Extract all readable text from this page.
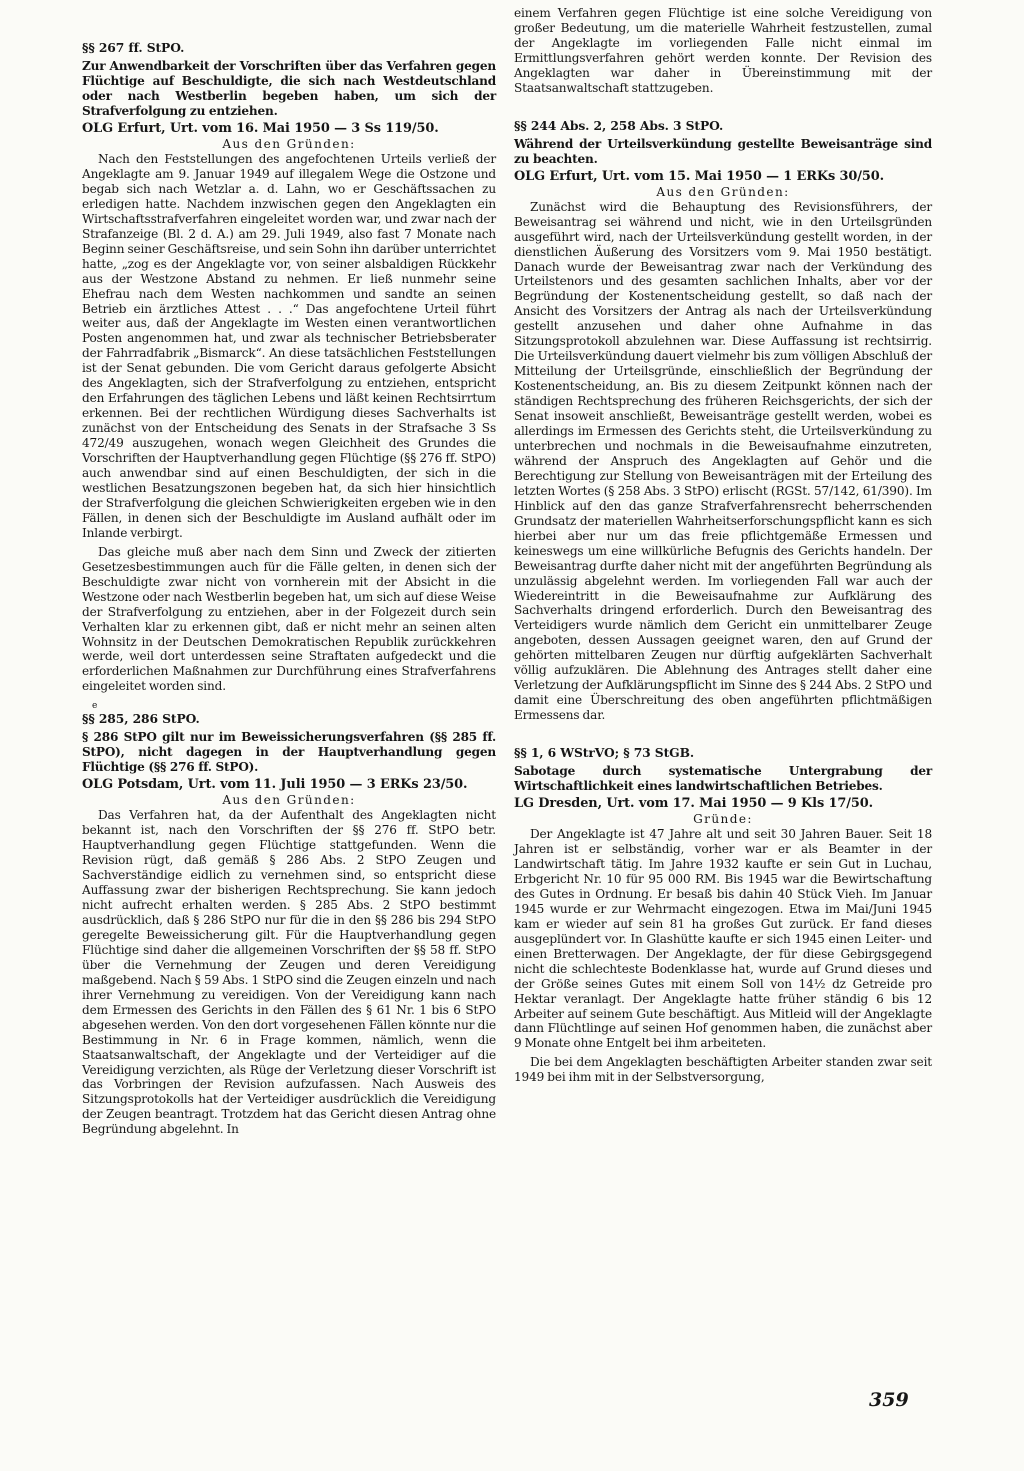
§§ 267 ff. StPO.
Zur Anwendbarkeit der Vorschriften über das Verfahren gegen Flüchtige auf Beschuldigte, die sich nach Westdeutschland oder nach Westberlin begeben haben, um sich der Strafverfolgung zu entziehen.
OLG Erfurt, Urt. vom 16. Mai 1950 — 3 Ss 119/50.
Aus den Gründen:

Nach den Feststellungen des angefochtenen Urteils verließ der Angeklagte am 9. Januar 1949 auf illegalem Wege die Ostzone und begab sich nach Wetzlar a. d. Lahn, wo er Geschäftssachen zu erledigen hatte. Nachdem inzwischen gegen den Angeklagten ein Wirtschaftsstrafverfahren eingeleitet worden war, und zwar nach der Strafanzeige (Bl. 2 d. A.) am 29. Juli 1949, also fast 7 Monate nach Beginn seiner Geschäftsreise, und sein Sohn ihn darüber unterrichtet hatte, „zog es der Angeklagte vor, von seiner alsbaldigen Rückkehr aus der Westzone Abstand zu nehmen. Er ließ nunmehr seine Ehefrau nach dem Westen nachkommen und sandte an seinen Betrieb ein ärztliches Attest . . .“ Das angefochtene Urteil führt weiter aus, daß der Angeklagte im Westen einen verantwortlichen Posten angenommen hat, und zwar als technischer Betriebsberater der Fahrradfabrik „Bismarck“. An diese tatsächlichen Feststellungen ist der Senat gebunden. Die vom Gericht daraus gefolgerte Absicht des Angeklagten, sich der Strafverfolgung zu entziehen, entspricht den Erfahrungen des täglichen Lebens und läßt keinen Rechtsirrtum erkennen. Bei der rechtlichen Würdigung dieses Sachverhalts ist zunächst von der Entscheidung des Senats in der Strafsache 3 Ss 472/49 auszugehen, wonach wegen Gleichheit des Grundes die Vorschriften der Hauptverhandlung gegen Flüchtige (§§ 276 ff. StPO) auch anwendbar sind auf einen Beschuldigten, der sich in die westlichen Besatzungszonen begeben hat, da sich hier hinsichtlich der Strafverfolgung die gleichen Schwierigkeiten ergeben wie in den Fällen, in denen sich der Beschuldigte im Ausland aufhält oder im Inlande verbirgt.

Das gleiche muß aber nach dem Sinn und Zweck der zitierten Gesetzesbestimmungen auch für die Fälle gelten, in denen sich der Beschuldigte zwar nicht von vornherein mit der Absicht in die Westzone oder nach Westberlin begeben hat, um sich auf diese Weise der Strafverfolgung zu entziehen, aber in der Folgezeit durch sein Verhalten klar zu erkennen gibt, daß er nicht mehr an seinen alten Wohnsitz in der Deutschen Demokratischen Republik zurückkehren werde, weil dort unterdessen seine Straftaten aufgedeckt und die erforderlichen Maßnahmen zur Durchführung eines Strafverfahrens eingeleitet worden sind.

e
§§ 285, 286 StPO.
§ 286 StPO gilt nur im Beweissicherungsverfahren (§§ 285 ff. StPO), nicht dagegen in der Hauptverhandlung gegen Flüchtige (§§ 276 ff. StPO).
OLG Potsdam, Urt. vom 11. Juli 1950 — 3 ERKs 23/50.
Aus den Gründen:

Das Verfahren hat, da der Aufenthalt des Angeklagten nicht bekannt ist, nach den Vorschriften der §§ 276 ff. StPO betr. Hauptverhandlung gegen Flüchtige stattgefunden. Wenn die Revision rügt, daß gemäß § 286 Abs. 2 StPO Zeugen und Sachverständige eidlich zu vernehmen sind, so entspricht diese Auffassung zwar der bisherigen Rechtsprechung. Sie kann jedoch nicht aufrecht erhalten werden. § 285 Abs. 2 StPO bestimmt ausdrücklich, daß § 286 StPO nur für die in den §§ 286 bis 294 StPO geregelte Beweissicherung gilt. Für die Hauptverhandlung gegen Flüchtige sind daher die allgemeinen Vorschriften der §§ 58 ff. StPO über die Vernehmung der Zeugen und deren Vereidigung maßgebend. Nach § 59 Abs. 1 StPO sind die Zeugen einzeln und nach ihrer Vernehmung zu vereidigen. Von der Vereidigung kann nach dem Ermessen des Gerichts in den Fällen des § 61 Nr. 1 bis 6 StPO abgesehen werden. Von den dort vorgesehenen Fällen könnte nur die Bestimmung in Nr. 6 in Frage kommen, nämlich, wenn die Staatsanwaltschaft, der Angeklagte und der Verteidiger auf die Vereidigung verzichten, als Rüge der Verletzung dieser Vorschrift ist das Vorbringen der Revision aufzufassen. Nach Ausweis des Sitzungsprotokolls hat der Verteidiger ausdrücklich die Vereidigung der Zeugen beantragt. Trotzdem hat das Gericht diesen Antrag ohne Begründung abgelehnt. In

einem Verfahren gegen Flüchtige ist eine solche Vereidigung von großer Bedeutung, um die materielle Wahrheit festzustellen, zumal der Angeklagte im vorliegenden Falle nicht einmal im Ermittlungsverfahren gehört werden konnte. Der Revision des Angeklagten war daher in Übereinstimmung mit der Staatsanwaltschaft stattzugeben.

§§ 244 Abs. 2, 258 Abs. 3 StPO.
Während der Urteilsverkündung gestellte Beweisanträge sind zu beachten.
OLG Erfurt, Urt. vom 15. Mai 1950 — 1 ERKs 30/50.
Aus den Gründen:

Zunächst wird die Behauptung des Revisionsführers, der Beweisantrag sei während und nicht, wie in den Urteilsgründen ausgeführt wird, nach der Urteilsverkündung gestellt worden, in der dienstlichen Äußerung des Vorsitzers vom 9. Mai 1950 bestätigt. Danach wurde der Beweisantrag zwar nach der Verkündung des Urteilstenors und des gesamten sachlichen Inhalts, aber vor der Begründung der Kostenentscheidung gestellt, so daß nach der Ansicht des Vorsitzers der Antrag als nach der Urteilsverkündung gestellt anzusehen und daher ohne Aufnahme in das Sitzungsprotokoll abzulehnen war. Diese Auffassung ist rechtsirrig. Die Urteilsverkündung dauert vielmehr bis zum völligen Abschluß der Mitteilung der Urteilsgründe, einschließlich der Begründung der Kostenentscheidung, an. Bis zu diesem Zeitpunkt können nach der ständigen Rechtsprechung des früheren Reichsgerichts, der sich der Senat insoweit anschließt, Beweisanträge gestellt werden, wobei es allerdings im Ermessen des Gerichts steht, die Urteilsverkündung zu unterbrechen und nochmals in die Beweisaufnahme einzutreten, während der Anspruch des Angeklagten auf Gehör und die Berechtigung zur Stellung von Beweisanträgen mit der Erteilung des letzten Wortes (§ 258 Abs. 3 StPO) erlischt (RGSt. 57/142, 61/390). Im Hinblick auf den das ganze Strafverfahrensrecht beherrschenden Grundsatz der materiellen Wahrheitserforschungspflicht kann es sich hierbei aber nur um das freie pflichtgemäße Ermessen und keineswegs um eine willkürliche Befugnis des Gerichts handeln. Der Beweisantrag durfte daher nicht mit der angeführten Begründung als unzulässig abgelehnt werden. Im vorliegenden Fall war auch der Wiedereintritt in die Beweisaufnahme zur Aufklärung des Sachverhalts dringend erforderlich. Durch den Beweisantrag des Verteidigers wurde nämlich dem Gericht ein unmittelbarer Zeuge angeboten, dessen Aussagen geeignet waren, den auf Grund der gehörten mittelbaren Zeugen nur dürftig aufgeklärten Sachverhalt völlig aufzuklären. Die Ablehnung des Antrages stellt daher eine Verletzung der Aufklärungspflicht im Sinne des § 244 Abs. 2 StPO und damit eine Überschreitung des oben angeführten pflichtmäßigen Ermessens dar.

§§ 1, 6 WStrVO; § 73 StGB.
Sabotage durch systematische Untergrabung der Wirtschaftlichkeit eines landwirtschaftlichen Betriebes.
LG Dresden, Urt. vom 17. Mai 1950 — 9 Kls 17/50.
Gründe:

Der Angeklagte ist 47 Jahre alt und seit 30 Jahren Bauer. Seit 18 Jahren ist er selbständig, vorher war er als Beamter in der Landwirtschaft tätig. Im Jahre 1932 kaufte er sein Gut in Luchau, Erbgericht Nr. 10 für 95 000 RM. Bis 1945 war die Bewirtschaftung des Gutes in Ordnung. Er besaß bis dahin 40 Stück Vieh. Im Januar 1945 wurde er zur Wehrmacht eingezogen. Etwa im Mai/Juni 1945 kam er wieder auf sein 81 ha großes Gut zurück. Er fand dieses ausgeplündert vor. In Glashütte kaufte er sich 1945 einen Leiter- und einen Bretterwagen. Der Angeklagte, der für diese Gebirgsgegend nicht die schlechteste Bodenklasse hat, wurde auf Grund dieses und der Größe seines Gutes mit einem Soll von 14½ dz Getreide pro Hektar veranlagt. Der Angeklagte hatte früher ständig 6 bis 12 Arbeiter auf seinem Gute beschäftigt. Aus Mitleid will der Angeklagte dann Flüchtlinge auf seinen Hof genommen haben, die zunächst aber 9 Monate ohne Entgelt bei ihm arbeiteten.

Die bei dem Angeklagten beschäftigten Arbeiter standen zwar seit 1949 bei ihm mit in der Selbstversorgung,

359
